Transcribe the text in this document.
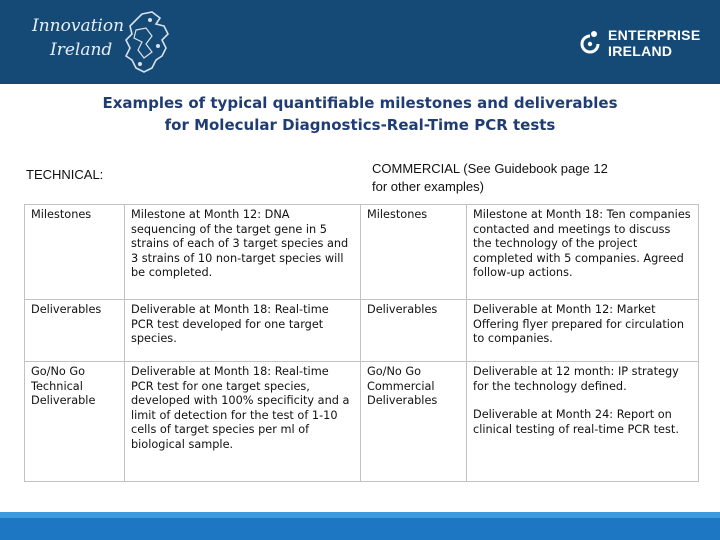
Innovation
Ireland
ENTERPRISE
IRELAND
Examples of typical quantifiable milestones and deliverables
for Molecular Diagnostics-Real-Time PCR tests
TECHNICAL:	COMMERCIAL (See Guidebook page 12
for other examples)
Milestones	Milestone at Month 12: DNA sequencing of the target gene in 5 strains of each of 3 target species and 3 strains of 10 non-target species will be completed.	Milestones	Milestone at Month 18: Ten companies contacted and meetings to discuss the technology of the project completed with 5 companies. Agreed follow-up actions.
Deliverables	Deliverable at Month 18: Real-time PCR test developed for one target species.	Deliverables	Deliverable at Month 12: Market Offering flyer prepared for circulation to companies.
Go/No Go Technical Deliverable	Deliverable at Month 18: Real-time PCR test for one target species, developed with 100% specificity and a limit of detection for the test of 1-10 cells of target species per ml of biological sample.	Go/No Go Commercial Deliverables	Deliverable at 12 month: IP strategy for the technology defined.

Deliverable at Month 24: Report on clinical testing of real-time PCR test.
